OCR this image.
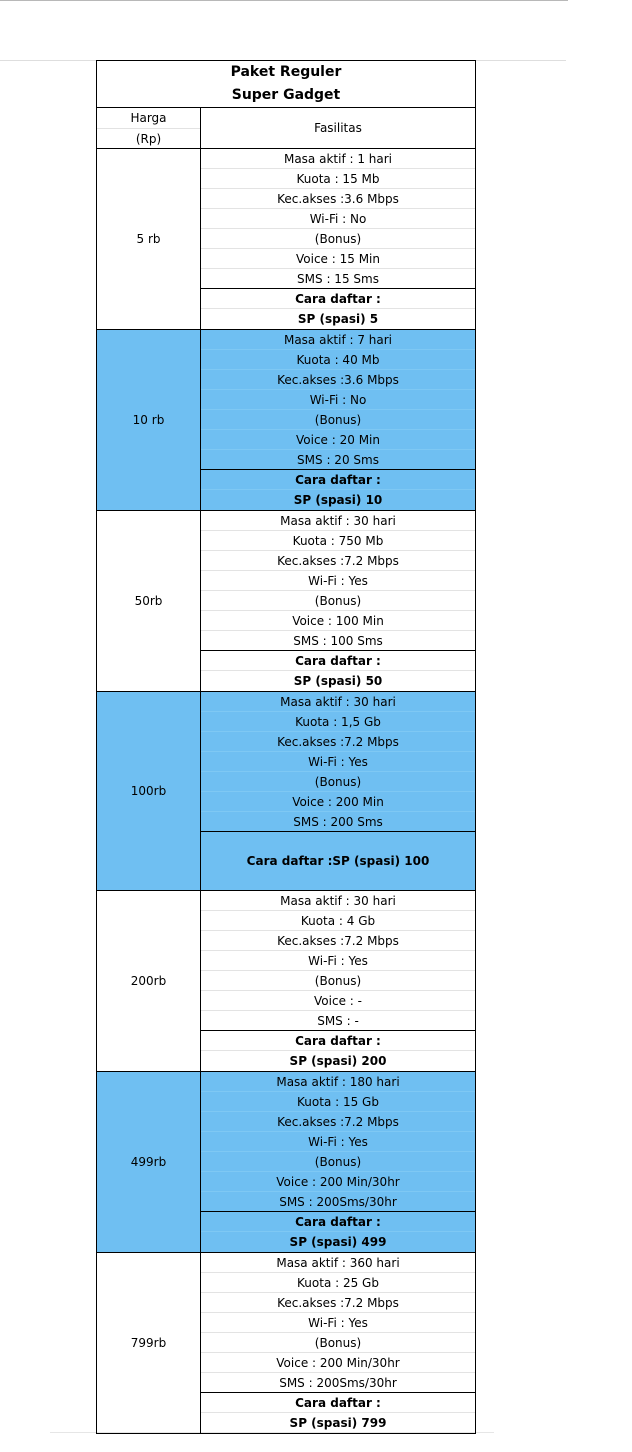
Paket Reguler
Super Gadget
Harga
(Rp)
Fasilitas
5 rb
Masa aktif : 1 hari
Kuota : 15 Mb
Kec.akses :3.6 Mbps
Wi-Fi : No
(Bonus)
Voice : 15 Min
SMS : 15 Sms
Cara daftar :
SP (spasi) 5
10 rb
Masa aktif : 7 hari
Kuota : 40 Mb
Kec.akses :3.6 Mbps
Wi-Fi : No
(Bonus)
Voice : 20 Min
SMS : 20 Sms
Cara daftar :
SP (spasi) 10
50rb
Masa aktif : 30 hari
Kuota : 750 Mb
Kec.akses :7.2 Mbps
Wi-Fi : Yes
(Bonus)
Voice : 100 Min
SMS : 100 Sms
Cara daftar :
SP (spasi) 50
100rb
Masa aktif : 30 hari
Kuota : 1,5 Gb
Kec.akses :7.2 Mbps
Wi-Fi : Yes
(Bonus)
Voice : 200 Min
SMS : 200 Sms
Cara daftar :SP (spasi) 100
200rb
Masa aktif : 30 hari
Kuota : 4 Gb
Kec.akses :7.2 Mbps
Wi-Fi : Yes
(Bonus)
Voice : -
SMS : -
Cara daftar :
SP (spasi) 200
499rb
Masa aktif : 180 hari
Kuota : 15 Gb
Kec.akses :7.2 Mbps
Wi-Fi : Yes
(Bonus)
Voice : 200 Min/30hr
SMS : 200Sms/30hr
Cara daftar :
SP (spasi) 499
799rb
Masa aktif : 360 hari
Kuota : 25 Gb
Kec.akses :7.2 Mbps
Wi-Fi : Yes
(Bonus)
Voice : 200 Min/30hr
SMS : 200Sms/30hr
Cara daftar :
SP (spasi) 799
